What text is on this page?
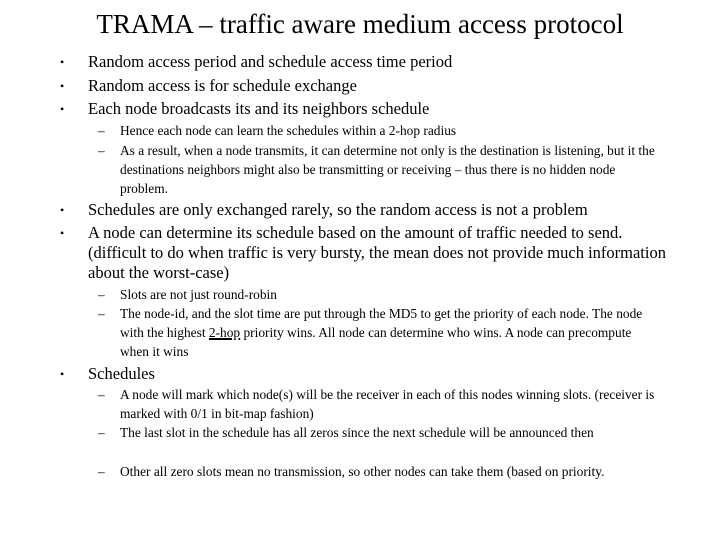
TRAMA – traffic aware medium access protocol
• Random access period and schedule access time period
• Random access is for schedule exchange
• Each node broadcasts its and its neighbors schedule
– Hence each node can learn the schedules within a 2-hop radius
– As a result, when a node transmits, it can determine not only is the destination is listening, but it the destinations neighbors might also be transmitting or receiving – thus there is no hidden node problem.
• Schedules are only exchanged rarely, so the random access is not a problem
• A node can determine its schedule based on the amount of traffic needed to send. (difficult to do when traffic is very bursty, the mean does not provide much information about the worst-case)
– Slots are not just round-robin
– The node-id, and the slot time are put through the MD5 to get the priority of each node. The node with the highest 2-hop priority wins. All node can determine who wins. A node can precompute when it wins
• Schedules
– A node will mark which node(s) will be the receiver in each of this nodes winning slots. (receiver is marked with 0/1 in bit-map fashion)
– The last slot in the schedule has all zeros since the next schedule will be announced then
– Other all zero slots mean no transmission, so other nodes can take them (based on priority.
